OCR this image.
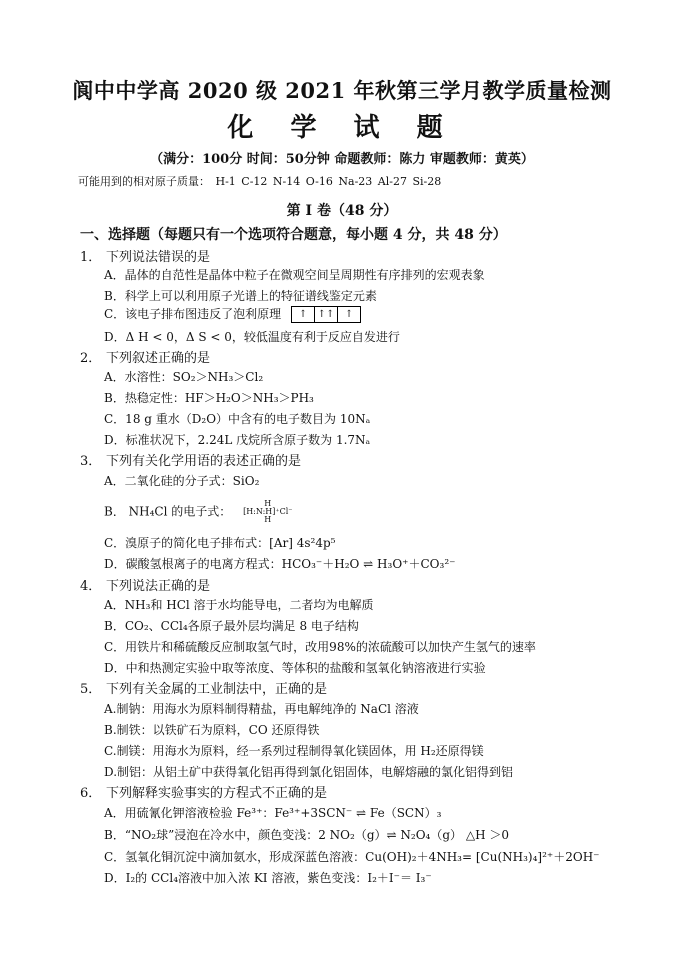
阆中中学高 2020 级 2021 年秋第三学月教学质量检测
化 学 试 题
（满分：100分 时间：50分钟 命题教师：陈力 审题教师：黄英）
可能用到的相对原子质量： H-1 C-12 N-14 O-16 Na-23 Al-27 Si-28
第 I 卷（48 分）
一、选择题（每题只有一个选项符合题意，每小题 4 分，共 48 分）
1． 下列说法错误的是
A．晶体的自范性是晶体中粒子在微观空间呈周期性有序排列的宏观表象
B．科学上可以利用原子光谱上的特征谱线鉴定元素
C．该电子排布图违反了泡利原理 ↑ ↑↑ ↑
D．Δ H < 0，Δ S < 0，较低温度有利于反应自发进行
2． 下列叙述正确的是
A．水溶性：SO₂＞NH₃＞Cl₂
B．热稳定性：HF＞H₂O＞NH₃＞PH₃
C．18 g 重水（D₂O）中含有的电子数目为 10Nₐ
D．标准状况下，2.24L 戊烷所含原子数为 1.7Nₐ
3． 下列有关化学用语的表述正确的是
A．二氧化硅的分子式：SiO₂
B． NH₄Cl 的电子式： H
[H:N:H]⁺Cl⁻
H
C．溴原子的简化电子排布式：[Ar] 4s²4p⁵
D．碳酸氢根离子的电离方程式：HCO₃⁻＋H₂O ⇌ H₃O⁺＋CO₃²⁻
4． 下列说法正确的是
A．NH₃和 HCl 溶于水均能导电，二者均为电解质
B．CO₂、CCl₄各原子最外层均满足 8 电子结构
C．用铁片和稀硫酸反应制取氢气时，改用98%的浓硫酸可以加快产生氢气的速率
D．中和热测定实验中取等浓度、等体积的盐酸和氢氧化钠溶液进行实验
5． 下列有关金属的工业制法中，正确的是
A.制钠：用海水为原料制得精盐，再电解纯净的 NaCl 溶液
B.制铁：以铁矿石为原料，CO 还原得铁
C.制镁：用海水为原料，经一系列过程制得氧化镁固体，用 H₂还原得镁
D.制铝：从铝土矿中获得氧化铝再得到氯化铝固体，电解熔融的氯化铝得到铝
6． 下列解释实验事实的方程式不正确的是
A．用硫氰化钾溶液检验 Fe³⁺：Fe³⁺+3SCN⁻ ⇌ Fe（SCN）₃
B．“NO₂球”浸泡在冷水中，颜色变浅：2 NO₂（g）⇌ N₂O₄（g） △H ＞0
C．氢氧化铜沉淀中滴加氨水，形成深蓝色溶液：Cu(OH)₂＋4NH₃= [Cu(NH₃)₄]²⁺＋2OH⁻
D．I₂的 CCl₄溶液中加入浓 KI 溶液，紫色变浅：I₂＋I⁻＝ I₃⁻
